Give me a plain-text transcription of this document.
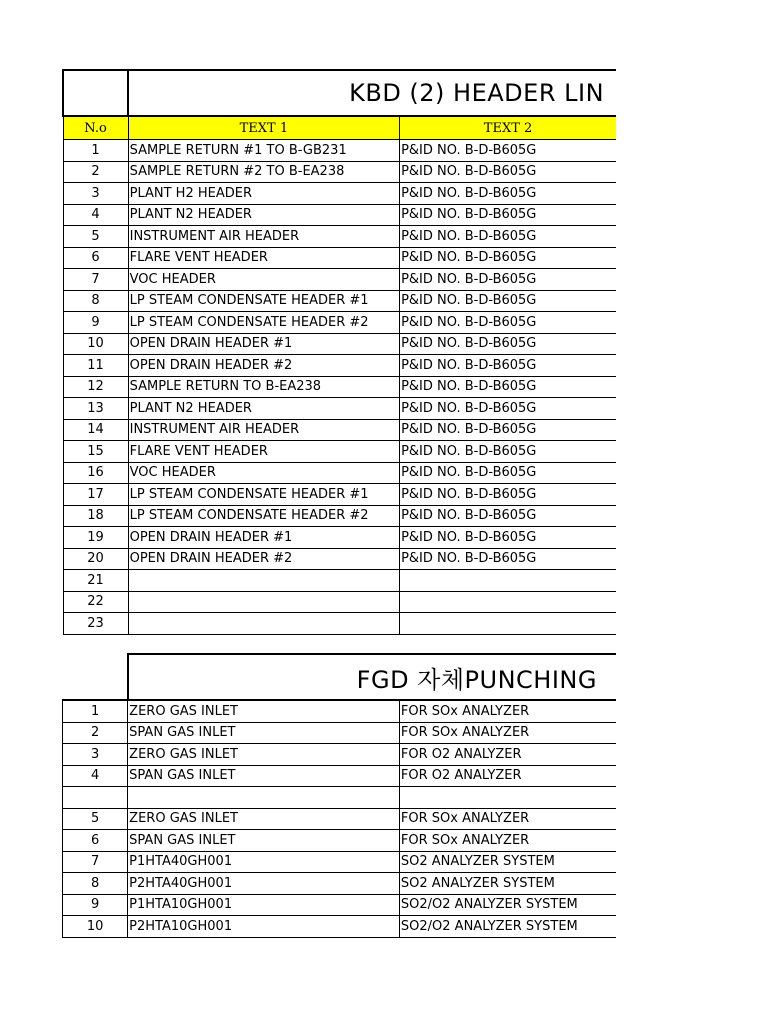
	KBD (2) HEADER LIN	
N.o	TEXT 1	TEXT 2
1	SAMPLE RETURN #1 TO B-GB231	P&ID NO. B-D-B605G
2	SAMPLE RETURN #2 TO B-EA238	P&ID NO. B-D-B605G
3	PLANT H2 HEADER	P&ID NO. B-D-B605G
4	PLANT N2 HEADER	P&ID NO. B-D-B605G
5	INSTRUMENT AIR HEADER	P&ID NO. B-D-B605G
6	FLARE VENT HEADER	P&ID NO. B-D-B605G
7	VOC HEADER	P&ID NO. B-D-B605G
8	LP STEAM CONDENSATE HEADER #1	P&ID NO. B-D-B605G
9	LP STEAM CONDENSATE HEADER #2	P&ID NO. B-D-B605G
10	OPEN DRAIN HEADER #1	P&ID NO. B-D-B605G
11	OPEN DRAIN HEADER #2	P&ID NO. B-D-B605G
12	SAMPLE RETURN TO B-EA238	P&ID NO. B-D-B605G
13	PLANT N2 HEADER	P&ID NO. B-D-B605G
14	INSTRUMENT AIR HEADER	P&ID NO. B-D-B605G
15	FLARE VENT HEADER	P&ID NO. B-D-B605G
16	VOC HEADER	P&ID NO. B-D-B605G
17	LP STEAM CONDENSATE HEADER #1	P&ID NO. B-D-B605G
18	LP STEAM CONDENSATE HEADER #2	P&ID NO. B-D-B605G
19	OPEN DRAIN HEADER #1	P&ID NO. B-D-B605G
20	OPEN DRAIN HEADER #2	P&ID NO. B-D-B605G
21		
22		
23		
	FGD 자체PUNCHING	
1	ZERO GAS INLET	FOR SOx ANALYZER
2	SPAN GAS INLET	FOR SOx ANALYZER
3	ZERO GAS INLET	FOR O2 ANALYZER
4	SPAN GAS INLET	FOR O2 ANALYZER

5	ZERO GAS INLET	FOR SOx ANALYZER
6	SPAN GAS INLET	FOR SOx ANALYZER
7	P1HTA40GH001	SO2 ANALYZER SYSTEM
8	P2HTA40GH001	SO2 ANALYZER SYSTEM
9	P1HTA10GH001	SO2/O2 ANALYZER SYSTEM
10	P2HTA10GH001	SO2/O2 ANALYZER SYSTEM
